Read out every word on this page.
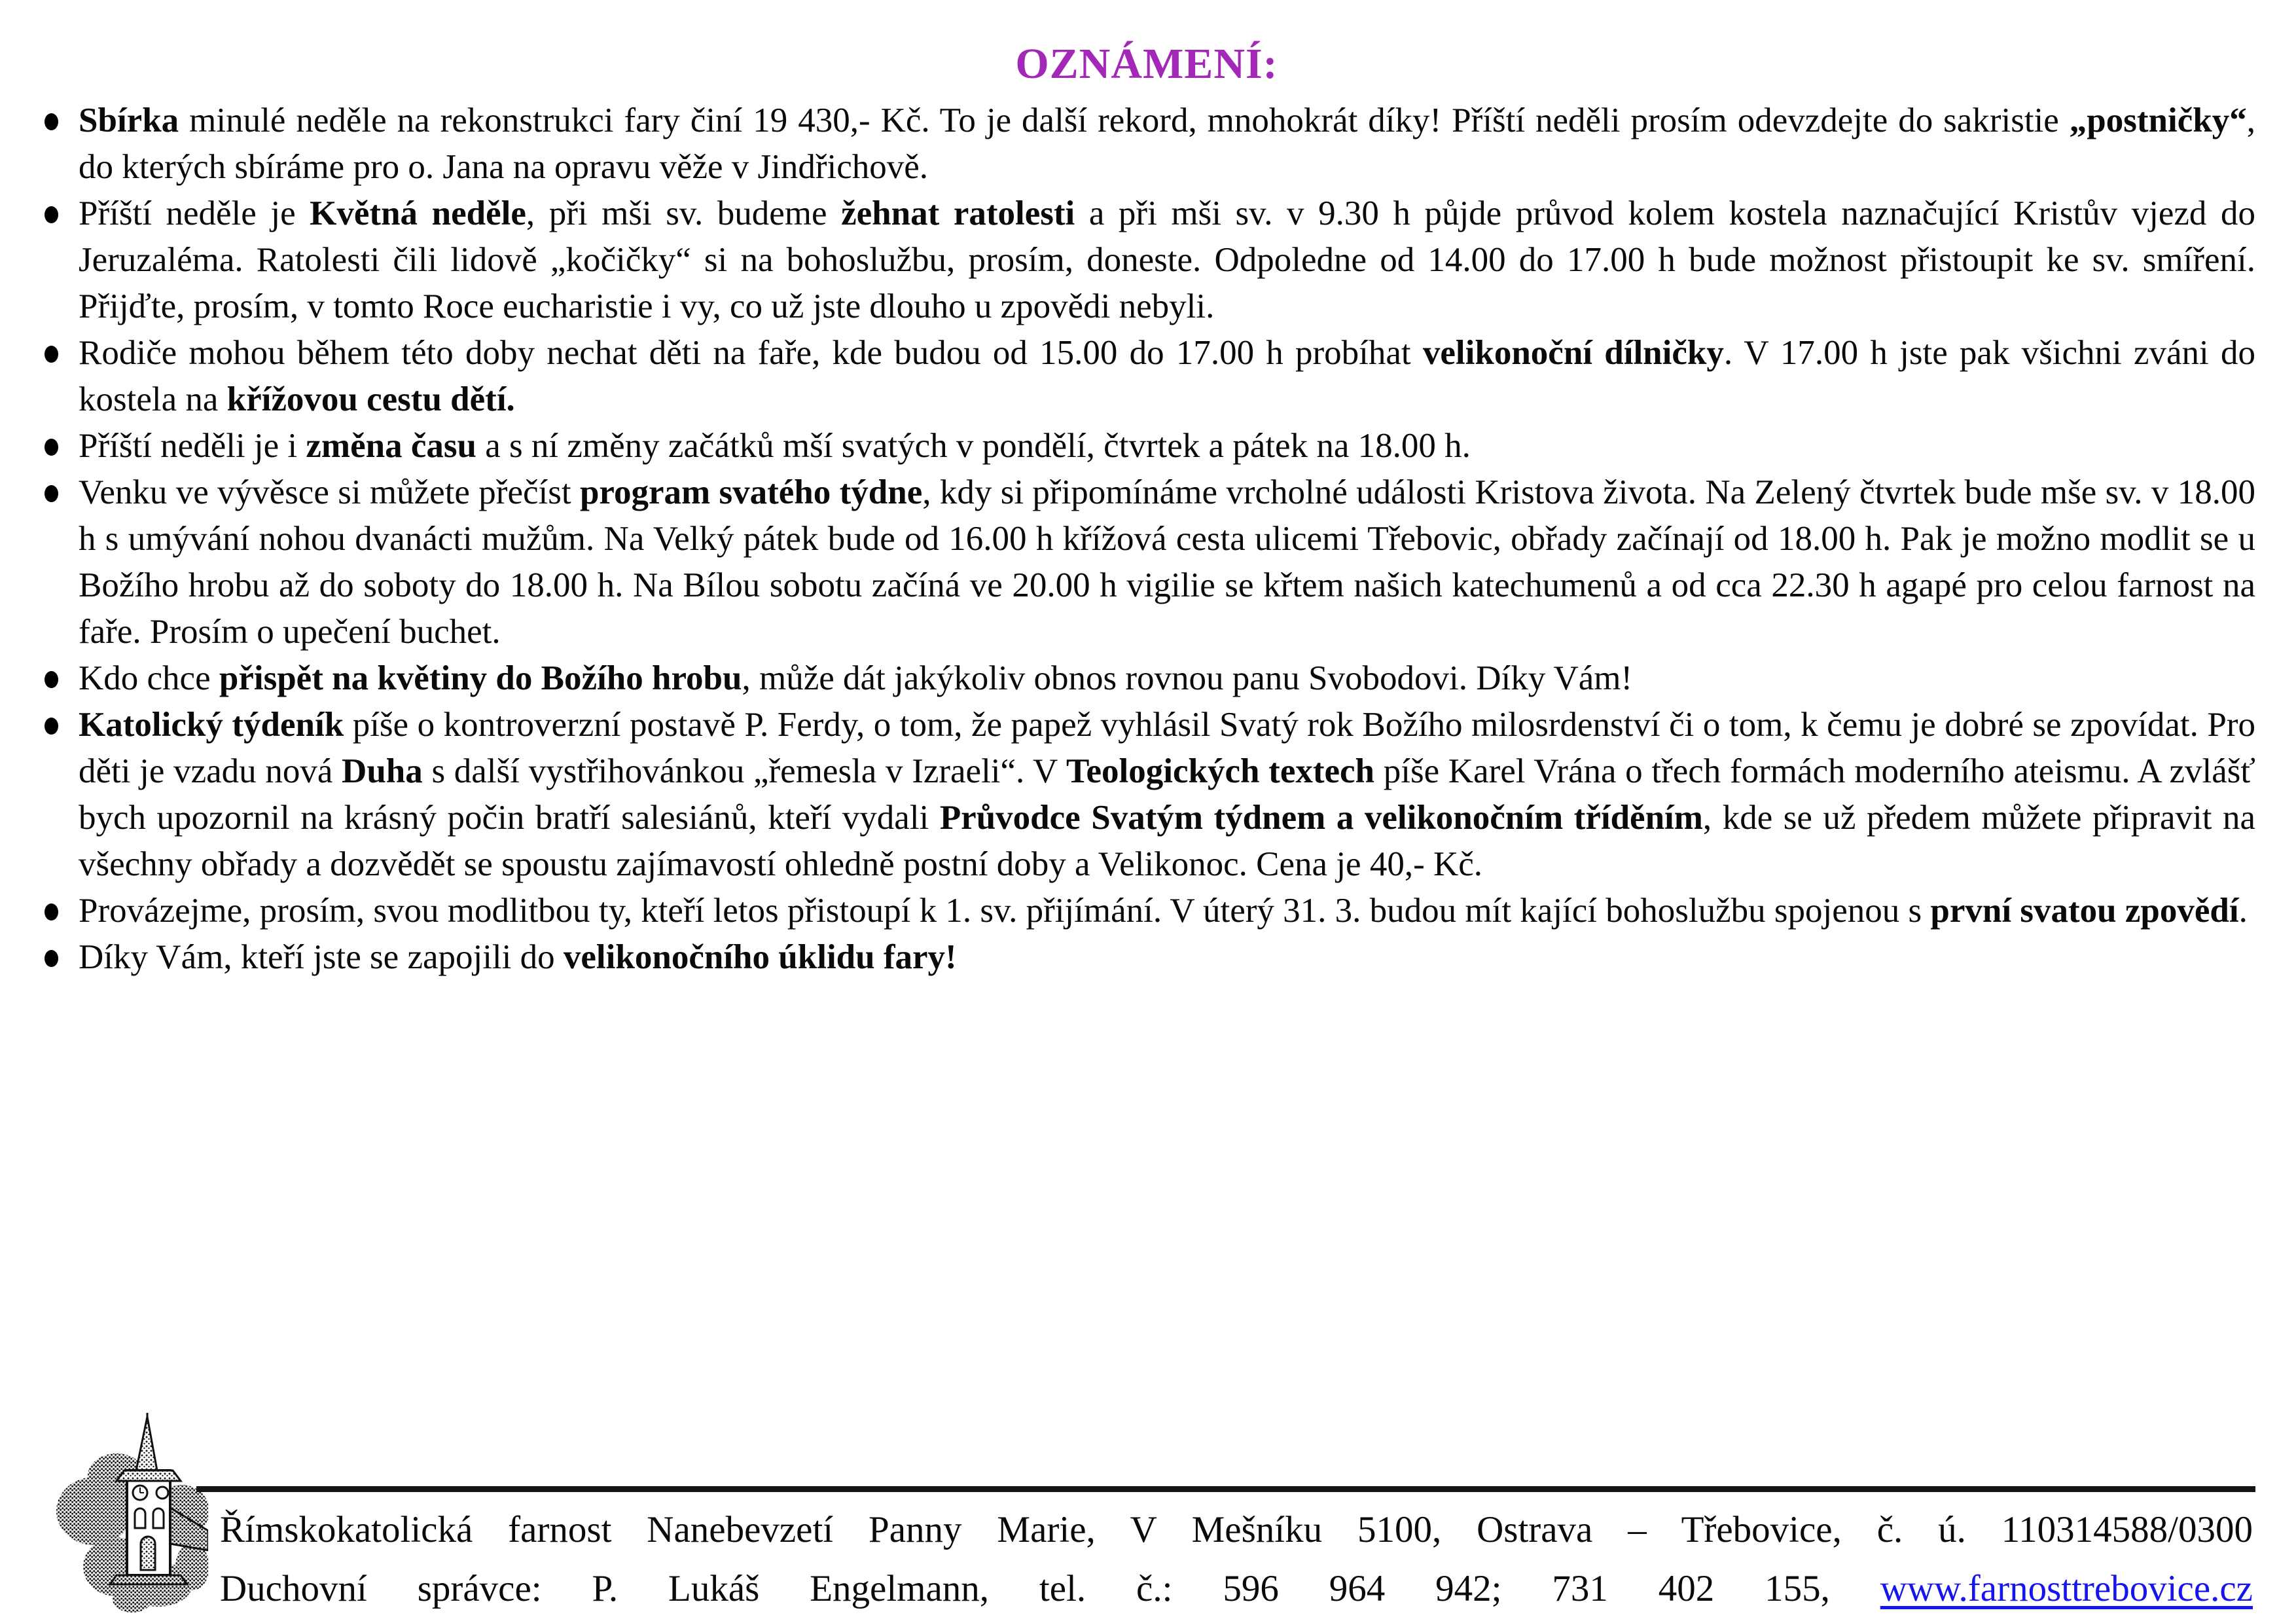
OZNÁMENÍ:
Sbírka minulé neděle na rekonstrukci fary činí 19 430,- Kč. To je další rekord, mnohokrát díky! Příští neděli prosím odevzdejte do sakristie „postničky“, do kterých sbíráme pro o. Jana na opravu věže v Jindřichově.
Příští neděle je Květná neděle, při mši sv. budeme žehnat ratolesti a při mši sv. v 9.30 h půjde průvod kolem kostela naznačující Kristův vjezd do Jeruzaléma. Ratolesti čili lidově „kočičky“ si na bohoslužbu, prosím, doneste. Odpoledne od 14.00 do 17.00 h bude možnost přistoupit ke sv. smíření. Přijďte, prosím, v tomto Roce eucharistie i vy, co už jste dlouho u zpovědi nebyli.
Rodiče mohou během této doby nechat děti na faře, kde budou od 15.00 do 17.00 h probíhat velikonoční dílničky. V 17.00 h jste pak všichni zváni do kostela na křížovou cestu dětí.
Příští neděli je i změna času a s ní změny začátků mší svatých v pondělí, čtvrtek a pátek na 18.00 h.
Venku ve vývěsce si můžete přečíst program svatého týdne, kdy si připomínáme vrcholné události Kristova života. Na Zelený čtvrtek bude mše sv. v 18.00 h s umývání nohou dvanácti mužům. Na Velký pátek bude od 16.00 h křížová cesta ulicemi Třebovic, obřady začínají od 18.00 h. Pak je možno modlit se u Božího hrobu až do soboty do 18.00 h. Na Bílou sobotu začíná ve 20.00 h vigilie se křtem našich katechumenů a od cca 22.30 h agapé pro celou farnost na faře. Prosím o upečení buchet.
Kdo chce přispět na květiny do Božího hrobu, může dát jakýkoliv obnos rovnou panu Svobodovi. Díky Vám!
Katolický týdeník píše o kontroverzní postavě P. Ferdy, o tom, že papež vyhlásil Svatý rok Božího milosrdenství či o tom, k čemu je dobré se zpovídat. Pro děti je vzadu nová Duha s další vystřihovánkou „řemesla v Izraeli“. V Teologických textech píše Karel Vrána o třech formách moderního ateismu. A zvlášť bych upozornil na krásný počin bratří salesiánů, kteří vydali Průvodce Svatým týdnem a velikonočním tříděním, kde se už předem můžete připravit na všechny obřady a dozvědět se spoustu zajímavostí ohledně postní doby a Velikonoc. Cena je 40,- Kč.
Provázejme, prosím, svou modlitbou ty, kteří letos přistoupí k 1. sv. přijímání. V úterý 31. 3. budou mít kající bohoslužbu spojenou s první svatou zpovědí.
Díky Vám, kteří jste se zapojili do velikonočního úklidu fary!

Římskokatolická farnost Nanebevzetí Panny Marie, V Mešníku 5100, Ostrava – Třebovice, č. ú. 110314588/0300

Duchovní správce: P. Lukáš Engelmann, tel. č.: 596 964 942; 731 402 155, www.farnosttrebovice.cz
